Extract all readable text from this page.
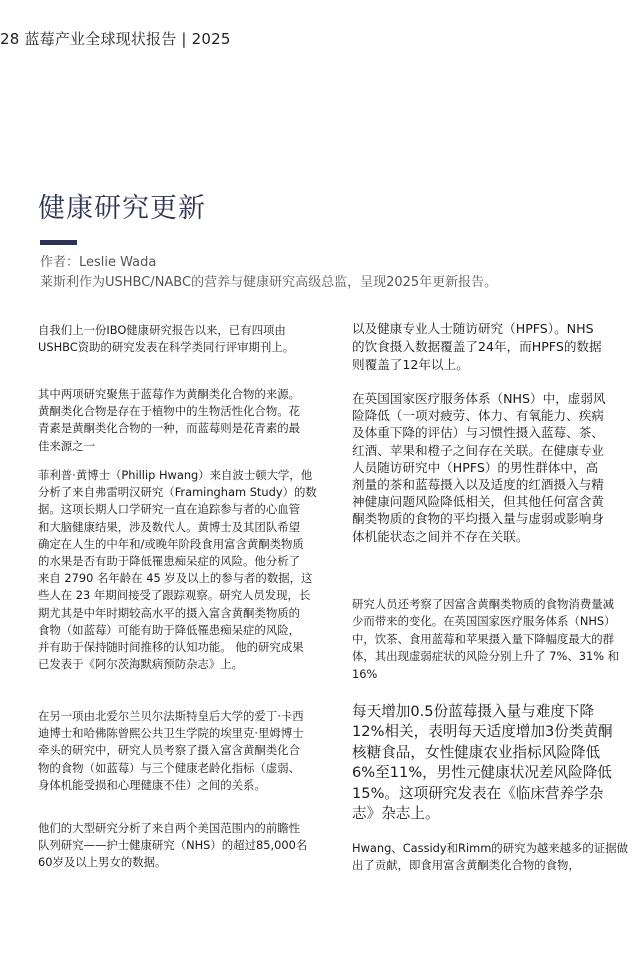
28 蓝莓产业全球现状报告 | 2025
健康研究更新
作者：Leslie Wada
莱斯利作为USHBC/NABC的营养与健康研究高级总监，呈现2025年更新报告。

自我们上一份IBO健康研究报告以来，已有四项由
USHBC资助的研究发表在科学类同行评审期刊上。

其中两项研究聚焦于蓝莓作为黄酮类化合物的来源。
黄酮类化合物是存在于植物中的生物活性化合物。花
青素是黄酮类化合物的一种，而蓝莓则是花青素的最
佳来源之一

菲利普·黄博士（Phillip Hwang）来自波士顿大学，他
分析了来自弗雷明汉研究（Framingham Study）的数
据。这项长期人口学研究一直在追踪参与者的心血管
和大脑健康结果，涉及数代人。黄博士及其团队希望
确定在人生的中年和/或晚年阶段食用富含黄酮类物质
的水果是否有助于降低罹患痴呆症的风险。他分析了
来自 2790 名年龄在 45 岁及以上的参与者的数据，这
些人在 23 年期间接受了跟踪观察。研究人员发现，长
期尤其是中年时期较高水平的摄入富含黄酮类物质的
食物（如蓝莓）可能有助于降低罹患痴呆症的风险，
并有助于保持随时间推移的认知功能。 他的研究成果
已发表于《阿尔茨海默病预防杂志》上。

在另一项由北爱尔兰贝尔法斯特皇后大学的爱丁·卡西
迪博士和哈佛陈曾熙公共卫生学院的埃里克·里姆博士
牵头的研究中，研究人员考察了摄入富含黄酮类化合
物的食物（如蓝莓）与三个健康老龄化指标（虚弱、
身体机能受损和心理健康不佳）之间的关系。

他们的大型研究分析了来自两个美国范围内的前瞻性
队列研究——护士健康研究（NHS）的超过85,000名
60岁及以上男女的数据。

以及健康专业人士随访研究（HPFS）。NHS
的饮食摄入数据覆盖了24年，而HPFS的数据
则覆盖了12年以上。

在英国国家医疗服务体系（NHS）中，虚弱风
险降低（一项对疲劳、体力、有氧能力、疾病
及体重下降的评估）与习惯性摄入蓝莓、茶、
红酒、苹果和橙子之间存在关联。在健康专业
人员随访研究中（HPFS）的男性群体中，高
剂量的茶和蓝莓摄入以及适度的红酒摄入与精
神健康问题风险降低相关，但其他任何富含黄
酮类物质的食物的平均摄入量与虚弱或影响身
体机能状态之间并不存在关联。

研究人员还考察了因富含黄酮类物质的食物消费量减
少而带来的变化。在英国国家医疗服务体系（NHS）
中，饮茶、食用蓝莓和苹果摄入量下降幅度最大的群
体，其出现虚弱症状的风险分别上升了 7%、31% 和
16%

每天增加0.5份蓝莓摄入量与难度下降
12%相关，表明每天适度增加3份类黄酮
核糖食品，女性健康农业指标风险降低
6%至11%，男性元健康状况差风险降低
15%。这项研究发表在《临床营养学杂
志》杂志上。

Hwang、Cassidy和Rimm的研究为越来越多的证据做
出了贡献，即食用富含黄酮类化合物的食物，
